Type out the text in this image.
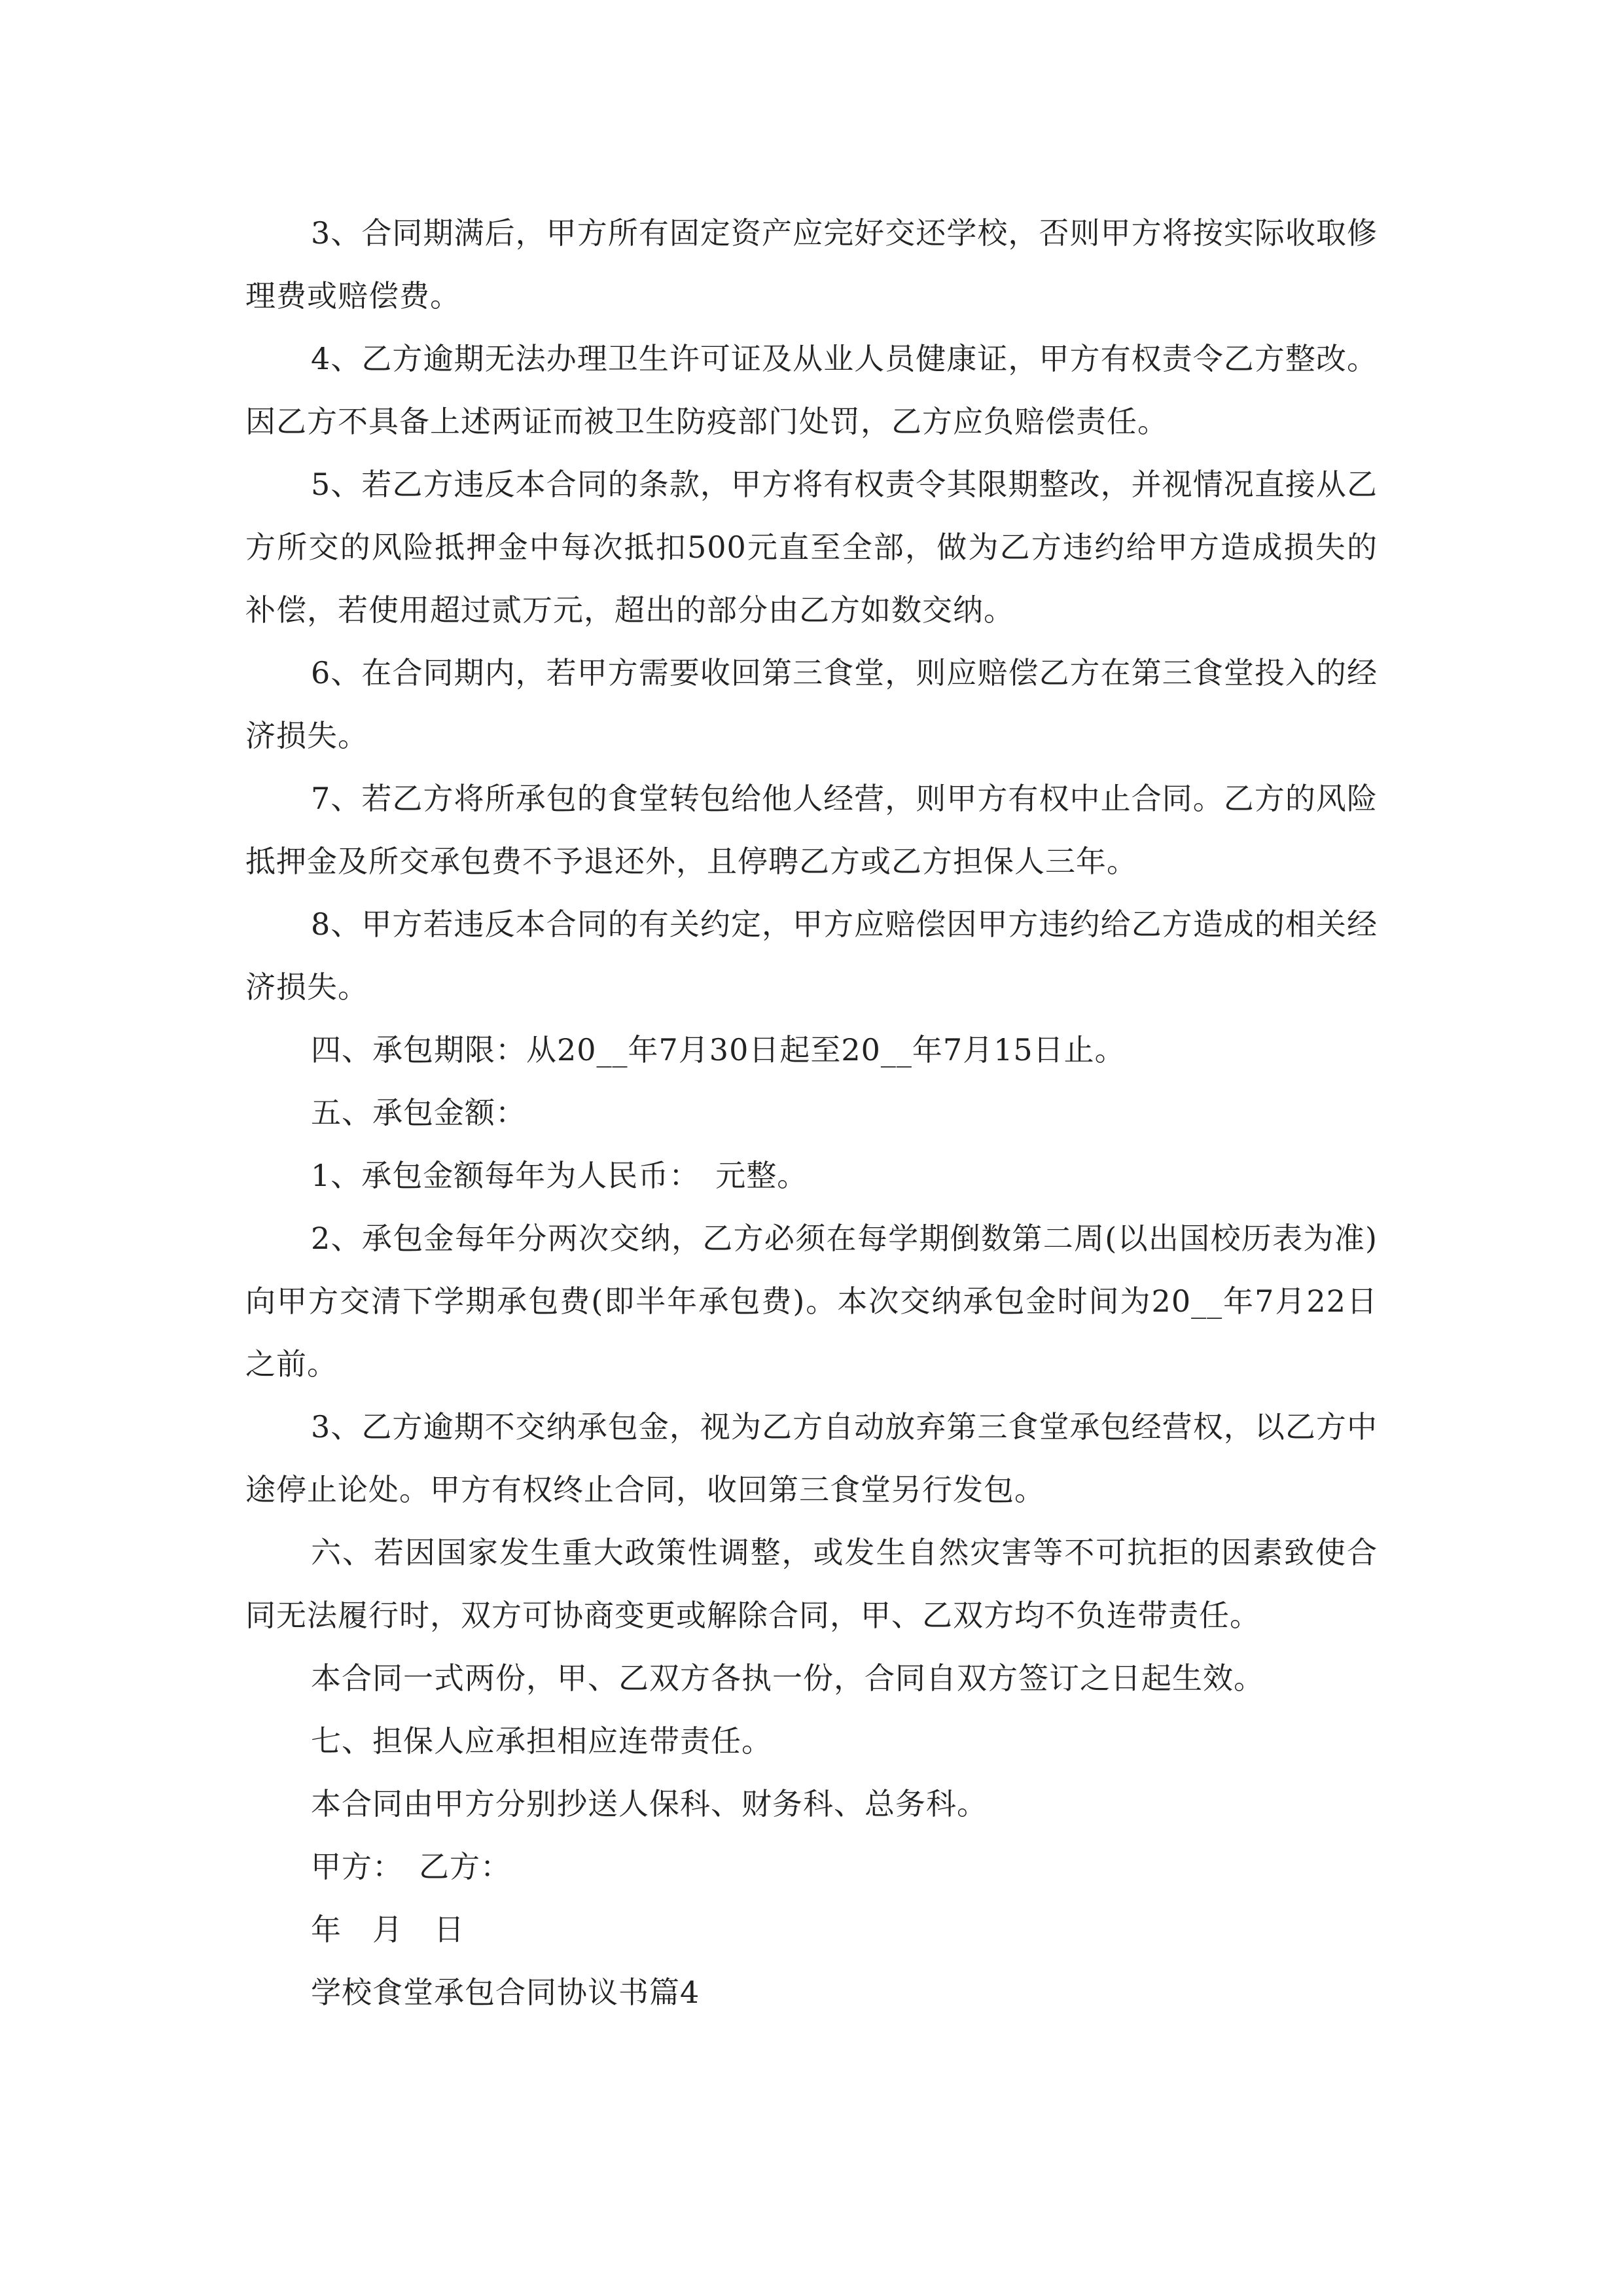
3、合同期满后，甲方所有固定资产应完好交还学校，否则甲方将按实际收取修理费或赔偿费。

4、乙方逾期无法办理卫生许可证及从业人员健康证，甲方有权责令乙方整改。因乙方不具备上述两证而被卫生防疫部门处罚，乙方应负赔偿责任。

5、若乙方违反本合同的条款，甲方将有权责令其限期整改，并视情况直接从乙方所交的风险抵押金中每次抵扣500元直至全部，做为乙方违约给甲方造成损失的补偿，若使用超过贰万元，超出的部分由乙方如数交纳。

6、在合同期内，若甲方需要收回第三食堂，则应赔偿乙方在第三食堂投入的经济损失。

7、若乙方将所承包的食堂转包给他人经营，则甲方有权中止合同。乙方的风险抵押金及所交承包费不予退还外，且停聘乙方或乙方担保人三年。

8、甲方若违反本合同的有关约定，甲方应赔偿因甲方违约给乙方造成的相关经济损失。

四、承包期限：从20__年7月30日起至20__年7月15日止。

五、承包金额：

1、承包金额每年为人民币：　元整。

2、承包金每年分两次交纳，乙方必须在每学期倒数第二周(以出国校历表为准)向甲方交清下学期承包费(即半年承包费)。本次交纳承包金时间为20__年7月22日之前。

3、乙方逾期不交纳承包金，视为乙方自动放弃第三食堂承包经营权，以乙方中途停止论处。甲方有权终止合同，收回第三食堂另行发包。

六、若因国家发生重大政策性调整，或发生自然灾害等不可抗拒的因素致使合同无法履行时，双方可协商变更或解除合同，甲、乙双方均不负连带责任。

本合同一式两份，甲、乙双方各执一份，合同自双方签订之日起生效。

七、担保人应承担相应连带责任。

本合同由甲方分别抄送人保科、财务科、总务科。

甲方：　乙方：

年　月　日

学校食堂承包合同协议书篇4
